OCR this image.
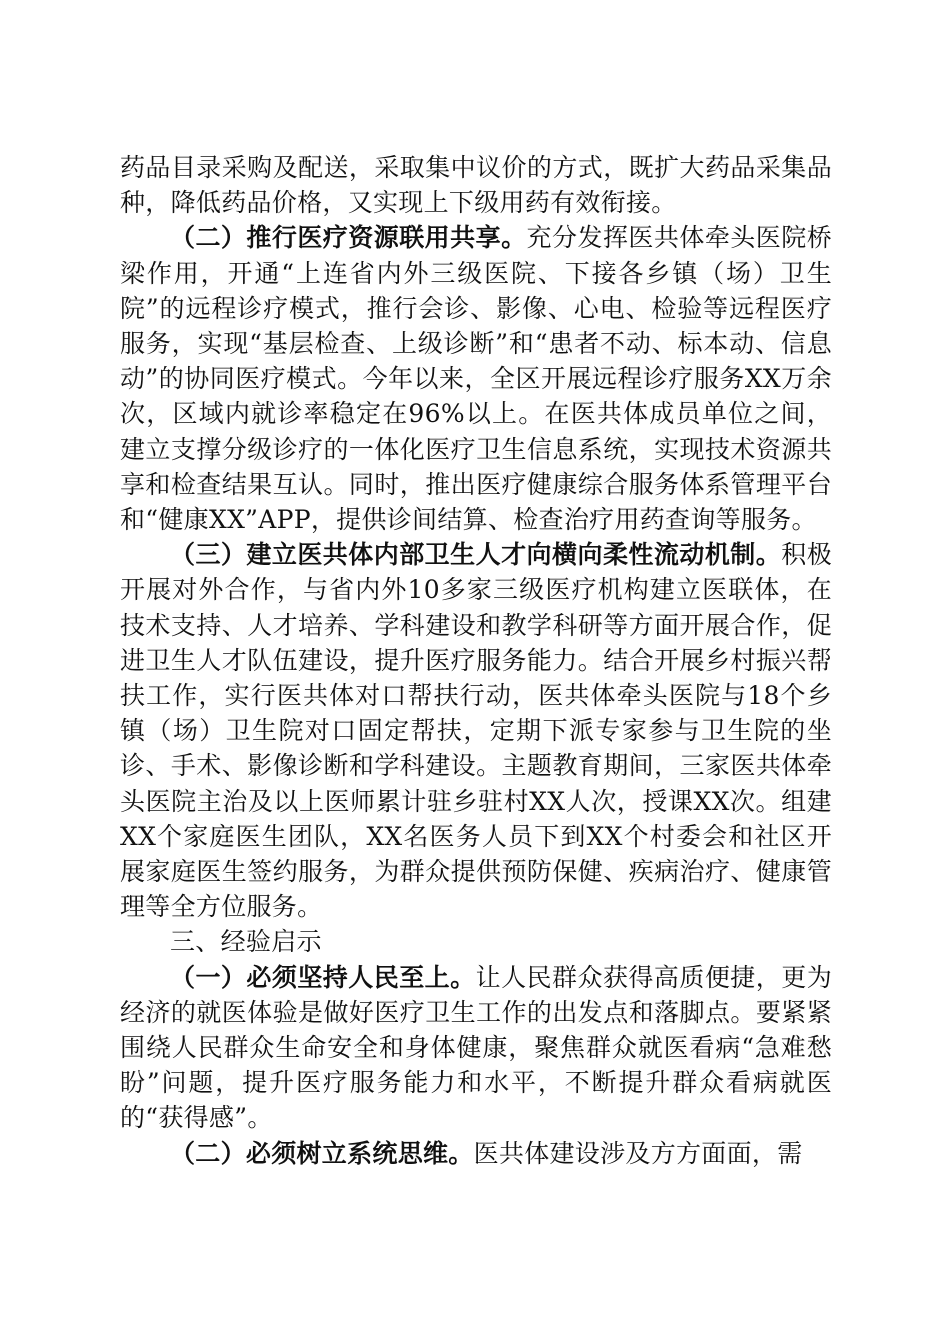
药品目录采购及配送，采取集中议价的方式，既扩大药品采集品种，降低药品价格，又实现上下级用药有效衔接。

（二）推行医疗资源联用共享。充分发挥医共体牵头医院桥梁作用，开通“上连省内外三级医院、下接各乡镇（场）卫生院”的远程诊疗模式，推行会诊、影像、心电、检验等远程医疗服务，实现“基层检查、上级诊断”和“患者不动、标本动、信息动”的协同医疗模式。今年以来，全区开展远程诊疗服务XX万余次，区域内就诊率稳定在96%以上。在医共体成员单位之间，建立支撑分级诊疗的一体化医疗卫生信息系统，实现技术资源共享和检查结果互认。同时，推出医疗健康综合服务体系管理平台和“健康XX”APP，提供诊间结算、检查治疗用药查询等服务。

（三）建立医共体内部卫生人才向横向柔性流动机制。积极开展对外合作，与省内外10多家三级医疗机构建立医联体，在技术支持、人才培养、学科建设和教学科研等方面开展合作，促进卫生人才队伍建设，提升医疗服务能力。结合开展乡村振兴帮扶工作，实行医共体对口帮扶行动，医共体牵头医院与18个乡镇（场）卫生院对口固定帮扶，定期下派专家参与卫生院的坐诊、手术、影像诊断和学科建设。主题教育期间，三家医共体牵头医院主治及以上医师累计驻乡驻村XX人次，授课XX次。组建XX个家庭医生团队，XX名医务人员下到XX个村委会和社区开展家庭医生签约服务，为群众提供预防保健、疾病治疗、健康管理等全方位服务。

三、经验启示

（一）必须坚持人民至上。让人民群众获得高质便捷，更为经济的就医体验是做好医疗卫生工作的出发点和落脚点。要紧紧围绕人民群众生命安全和身体健康，聚焦群众就医看病“急难愁盼”问题，提升医疗服务能力和水平，不断提升群众看病就医的“获得感”。

（二）必须树立系统思维。医共体建设涉及方方面面，需
